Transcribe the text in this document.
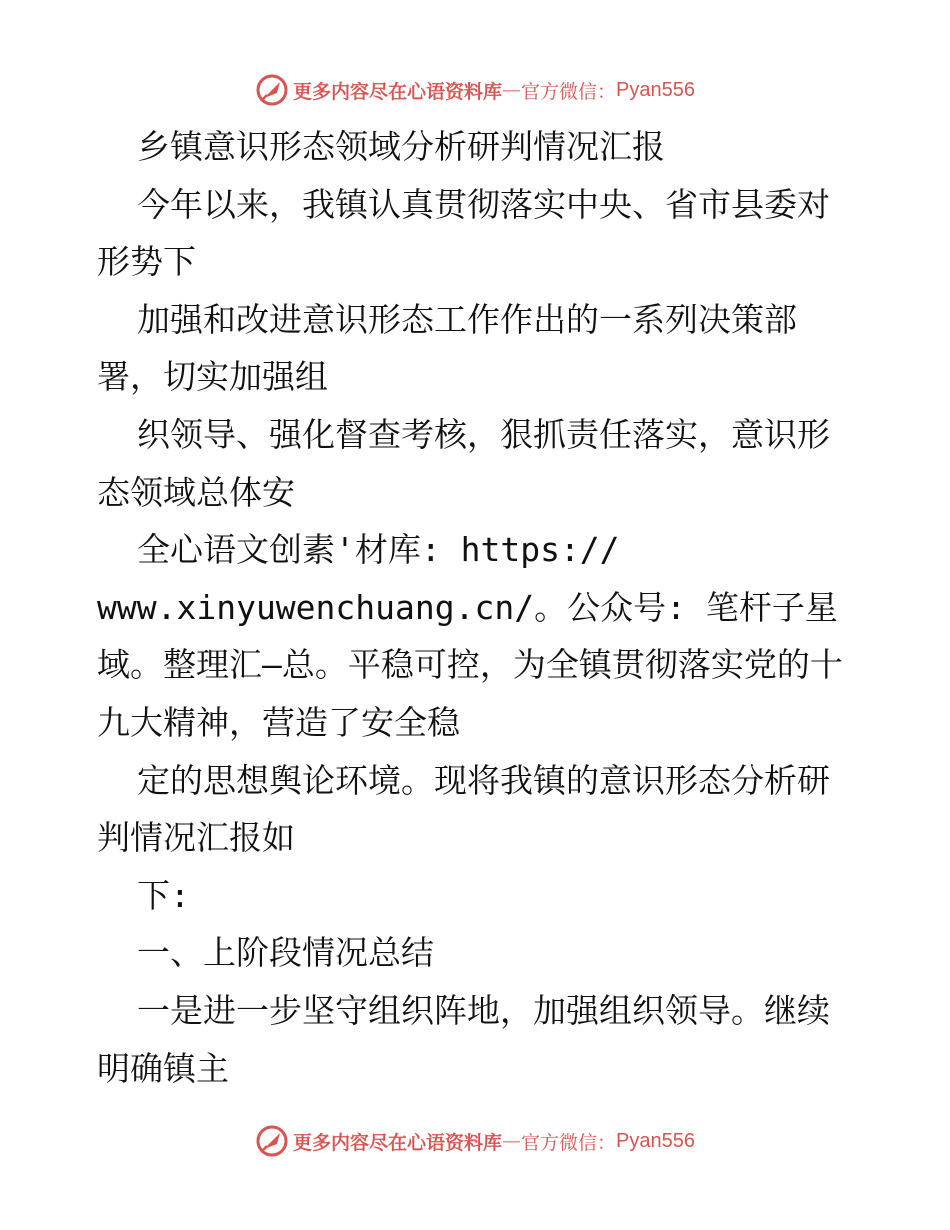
更多内容尽在心语资料库 — 官方微信： Pyan556

乡镇意识形态领域分析研判情况汇报

今年以来，我镇认真贯彻落实中央、省市县委对形势下

加强和改进意识形态工作作出的一系列决策部署，切实加强组

织领导、强化督查考核，狠抓责任落实，意识形态领域总体安

全心语文创素'材库: https://

www.xinyuwenchuang.cn/。公众号: 笔杆子星域。整理汇—总。平稳可控，为全镇贯彻落实党的十九大精神，营造了安全稳

定的思想舆论环境。现将我镇的意识形态分析研判情况汇报如

下:

一、上阶段情况总结

一是进一步坚守组织阵地，加强组织领导。继续明确镇主

更多内容尽在心语资料库 — 官方微信： Pyan556
